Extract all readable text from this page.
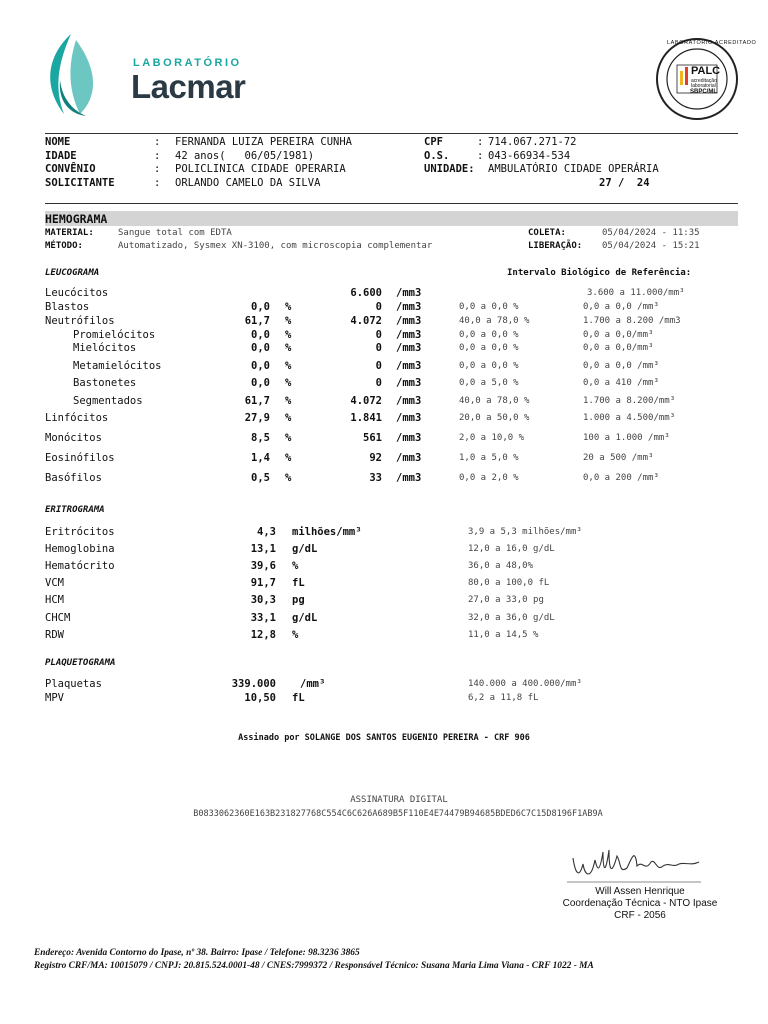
LABORATÓRIO
Lacmar
LABORATÓRIO ACREDITADO
PALC
acreditação
laboratorial
SBPC/ML
NOME	: FERNANDA LUIZA PEREIRA CUNHA
IDADE	: 42 anos(   06/05/1981)
CONVÊNIO	: POLICLINICA CIDADE OPERARIA
SOLICITANTE	: ORLANDO CAMELO DA SILVA
CPF	: 714.067.271-72
O.S.	: 043-66934-534
UNIDADE: AMBULATÓRIO CIDADE OPERÁRIA
27 /  24
HEMOGRAMA
MATERIAL:	Sangue total com EDTA
MÉTODO:	Automatizado, Sysmex XN-3100, com microscopia complementar
COLETA:	05/04/2024 - 11:35
LIBERAÇÃO: 05/04/2024 - 15:21
LEUCOGRAMA	Intervalo Biológico de Referência:
Leucócitos	6.600 /mm3	3.600 a 11.000/mm³
Blastos	0,0 %	0 /mm3	0,0 a 0,0 %	0,0 a 0,0 /mm³
Neutrófilos	61,7 %	4.072 /mm3	40,0 a 78,0 %	1.700 a 8.200 /mm3
Promielócitos	0,0 %	0 /mm3	0,0 a 0,0 %	0,0 a 0,0/mm³
Mielócitos	0,0 %	0 /mm3	0,0 a 0,0 %	0,0 a 0,0/mm³
Metamielócitos	0,0 %	0 /mm3	0,0 a 0,0 %	0,0 a 0,0 /mm³
Bastonetes	0,0 %	0 /mm3	0,0 a 5,0 %	0,0 a 410 /mm³
Segmentados	61,7 %	4.072 /mm3	40,0 a 78,0 %	1.700 a 8.200/mm³
Linfócitos	27,9 %	1.841 /mm3	20,0 a 50,0 %	1.000 a 4.500/mm³
Monócitos	8,5 %	561 /mm3	2,0 a 10,0 %	100 a 1.000 /mm³
Eosinófilos	1,4 %	92 /mm3	1,0 a 5,0 %	20 a 500 /mm³
Basófilos	0,5 %	33 /mm3	0,0 a 2,0 %	0,0 a 200 /mm³
ERITROGRAMA
Eritrócitos	4,3 milhões/mm³	3,9 a 5,3 milhões/mm³
Hemoglobina	13,1 g/dL	12,0 a 16,0 g/dL
Hematócrito	39,6 %	36,0 a 48,0%
VCM	91,7 fL	80,0 a 100,0 fL
HCM	30,3 pg	27,0 a 33,0 pg
CHCM	33,1 g/dL	32,0 a 36,0 g/dL
RDW	12,8 %	11,0 a 14,5 %
PLAQUETOGRAMA
Plaquetas	339.000 /mm³	140.000 a 400.000/mm³
MPV	10,50 fL	6,2 a 11,8 fL
Assinado por SOLANGE DOS SANTOS EUGENIO PEREIRA - CRF 906
ASSINATURA DIGITAL
B0833062360E163B231827768C554C6C626A689B5F110E4E74479B94685BDED6C7C15D8196F1AB9A
Will Assen Henrique
Coordenação Técnica - NTO Ipase
CRF - 2056
Endereço: Avenida Contorno do Ipase, nº 38. Bairro: Ipase / Telefone: 98.3236 3865
Registro CRF/MA: 10015079 / CNPJ: 20.815.524.0001-48 / CNES:7999372 / Responsável Técnico: Susana Maria Lima Viana - CRF 1022 - MA
